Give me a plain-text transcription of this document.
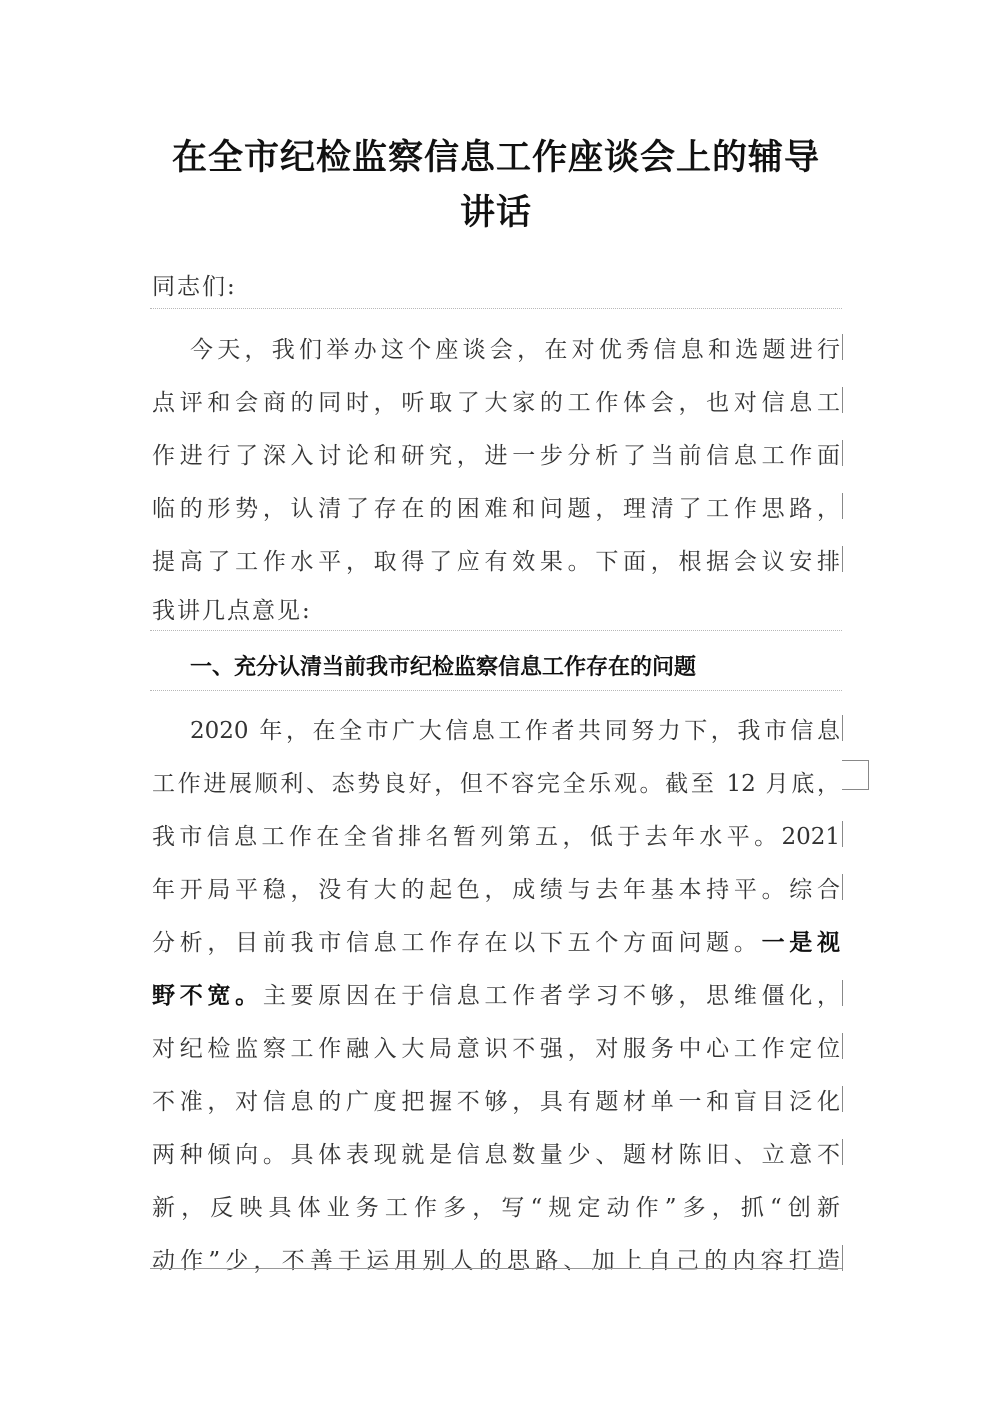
在全市纪检监察信息工作座谈会上的辅导
讲话

同志们:

今天，我们举办这个座谈会，在对优秀信息和选题进行

点评和会商的同时，听取了大家的工作体会，也对信息工

作进行了深入讨论和研究，进一步分析了当前信息工作面

临的形势，认清了存在的困难和问题，理清了工作思路，

提高了工作水平，取得了应有效果。下面，根据会议安排

我讲几点意见:

一、充分认清当前我市纪检监察信息工作存在的问题

2020 年，在全市广大信息工作者共同努力下，我市信息

工作进展顺利、态势良好，但不容完全乐观。截至 12 月底，

我市信息工作在全省排名暂列第五，低于去年水平。2021

年开局平稳，没有大的起色，成绩与去年基本持平。综合

分析，目前我市信息工作存在以下五个方面问题。一是视

野不宽。主要原因在于信息工作者学习不够，思维僵化，

对纪检监察工作融入大局意识不强，对服务中心工作定位

不准，对信息的广度把握不够，具有题材单一和盲目泛化

两种倾向。具体表现就是信息数量少、题材陈旧、立意不

新，反映具体业务工作多，写“规定动作”多，抓“创新

动作”少，不善于运用别人的思路、加上自己的内容打造
